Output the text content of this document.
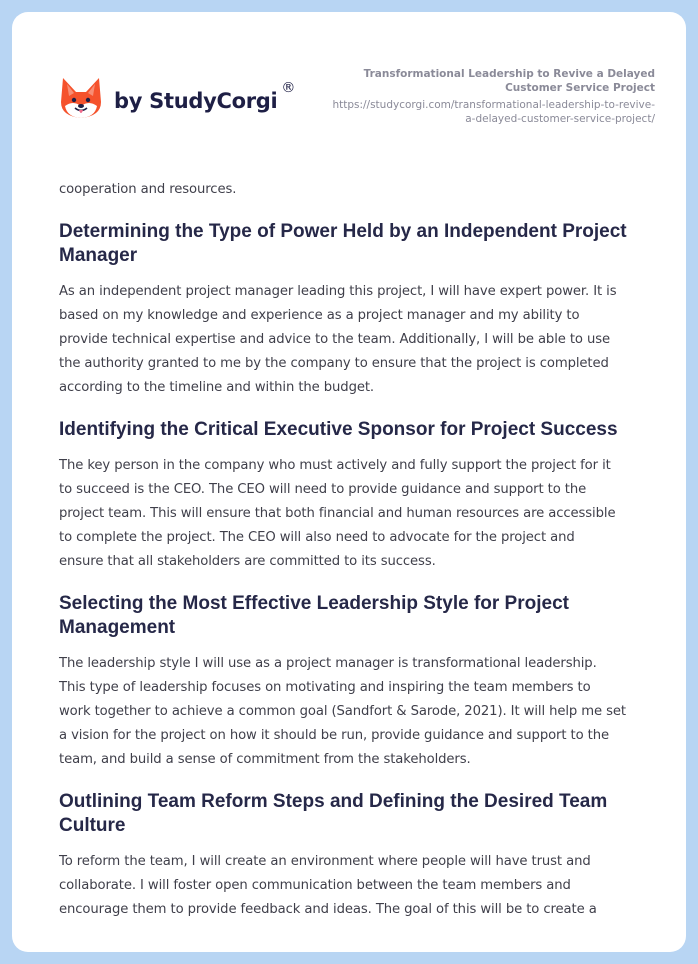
by StudyCorgi
®
Transformational Leadership to Revive a Delayed
Customer Service Project
https://studycorgi.com/transformational-leadership-to-revive-
a-delayed-customer-service-project/

cooperation and resources.

Determining the Type of Power Held by an Independent Project Manager
As an independent project manager leading this project, I will have expert power. It is
based on my knowledge and experience as a project manager and my ability to
provide technical expertise and advice to the team. Additionally, I will be able to use
the authority granted to me by the company to ensure that the project is completed
according to the timeline and within the budget.
Identifying the Critical Executive Sponsor for Project Success
The key person in the company who must actively and fully support the project for it
to succeed is the CEO. The CEO will need to provide guidance and support to the
project team. This will ensure that both financial and human resources are accessible
to complete the project. The CEO will also need to advocate for the project and
ensure that all stakeholders are committed to its success.
Selecting the Most Effective Leadership Style for Project Management
The leadership style I will use as a project manager is transformational leadership.
This type of leadership focuses on motivating and inspiring the team members to
work together to achieve a common goal (Sandfort & Sarode, 2021). It will help me set
a vision for the project on how it should be run, provide guidance and support to the
team, and build a sense of commitment from the stakeholders.
Outlining Team Reform Steps and Defining the Desired Team Culture
To reform the team, I will create an environment where people will have trust and
collaborate. I will foster open communication between the team members and
encourage them to provide feedback and ideas. The goal of this will be to create a
